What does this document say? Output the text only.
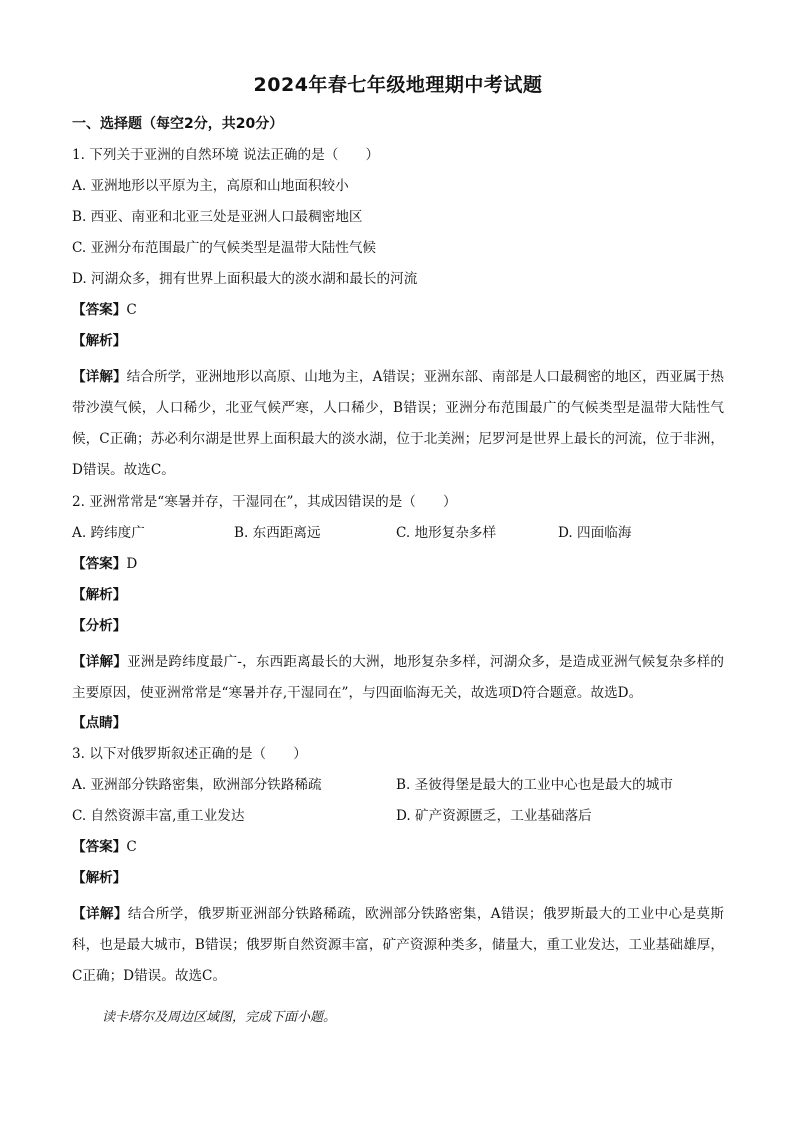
2024年春七年级地理期中考试题
一、选择题（每空2分，共20分）
1. 下列关于亚洲的自然环境 说法正确的是（　　）
A. 亚洲地形以平原为主，高原和山地面积较小
B. 西亚、南亚和北亚三处是亚洲人口最稠密地区
C. 亚洲分布范围最广的气候类型是温带大陆性气候
D. 河湖众多，拥有世界上面积最大的淡水湖和最长的河流
【答案】C
【解析】
【详解】结合所学，亚洲地形以高原、山地为主，A错误；亚洲东部、南部是人口最稠密的地区，西亚属于热带沙漠气候，人口稀少，北亚气候严寒，人口稀少，B错误；亚洲分布范围最广的气候类型是温带大陆性气候，C正确；苏必利尔湖是世界上面积最大的淡水湖，位于北美洲；尼罗河是世界上最长的河流，位于非洲，D错误。故选C。
2. 亚洲常常是“寒暑并存，干湿同在”，其成因错误的是（　　）
A. 跨纬度广	B. 东西距离远	C. 地形复杂多样	D. 四面临海
【答案】D
【解析】
【分析】
【详解】亚洲是跨纬度最广-，东西距离最长的大洲，地形复杂多样，河湖众多，是造成亚洲气候复杂多样的主要原因，使亚洲常常是“寒暑并存,干湿同在”，与四面临海无关，故选项D符合题意。故选D。
【点睛】
3. 以下对俄罗斯叙述正确的是（　　）
A. 亚洲部分铁路密集，欧洲部分铁路稀疏	B. 圣彼得堡是最大的工业中心也是最大的城市
C. 自然资源丰富,重工业发达	D. 矿产资源匮乏，工业基础落后
【答案】C
【解析】
【详解】结合所学，俄罗斯亚洲部分铁路稀疏，欧洲部分铁路密集，A错误；俄罗斯最大的工业中心是莫斯科，也是最大城市，B错误；俄罗斯自然资源丰富，矿产资源种类多，储量大，重工业发达，工业基础雄厚，C正确；D错误。故选C。
读卡塔尔及周边区域图，完成下面小题。
